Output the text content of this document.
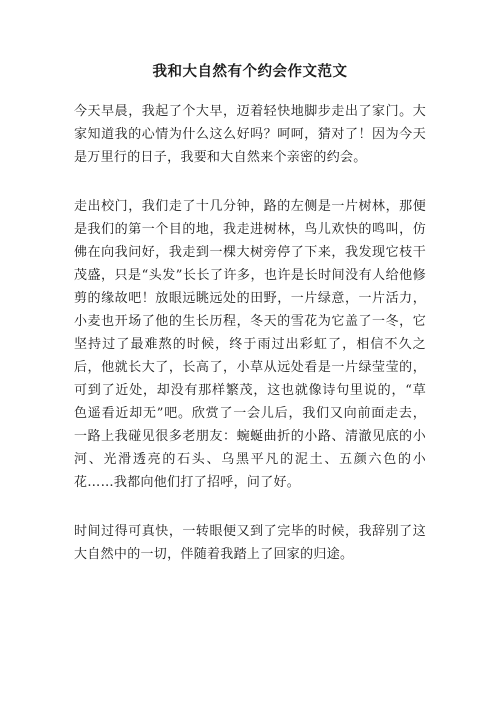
我和大自然有个约会作文范文

今天早晨，我起了个大早，迈着轻快地脚步走出了家门。大家知道我的心情为什么这么好吗？呵呵，猜对了！因为今天是万里行的日子，我要和大自然来个亲密的约会。

走出校门，我们走了十几分钟，路的左侧是一片树林，那便是我们的第一个目的地，我走进树林，鸟儿欢快的鸣叫，仿佛在向我问好，我走到一棵大树旁停了下来，我发现它枝干茂盛，只是“头发”长长了许多，也许是长时间没有人给他修剪的缘故吧！放眼远眺远处的田野，一片绿意，一片活力，小麦也开场了他的生长历程，冬天的雪花为它盖了一冬，它坚持过了最难熬的时候，终于雨过出彩虹了，相信不久之后，他就长大了，长高了，小草从远处看是一片绿莹莹的，可到了近处，却没有那样繁茂，这也就像诗句里说的，“草色遥看近却无”吧。欣赏了一会儿后，我们又向前面走去，一路上我碰见很多老朋友：蜿蜒曲折的小路、清澈见底的小河、光滑透亮的石头、乌黑平凡的泥土、五颜六色的小花……我都向他们打了招呼，问了好。

时间过得可真快，一转眼便又到了完毕的时候，我辞别了这大自然中的一切，伴随着我踏上了回家的归途。
